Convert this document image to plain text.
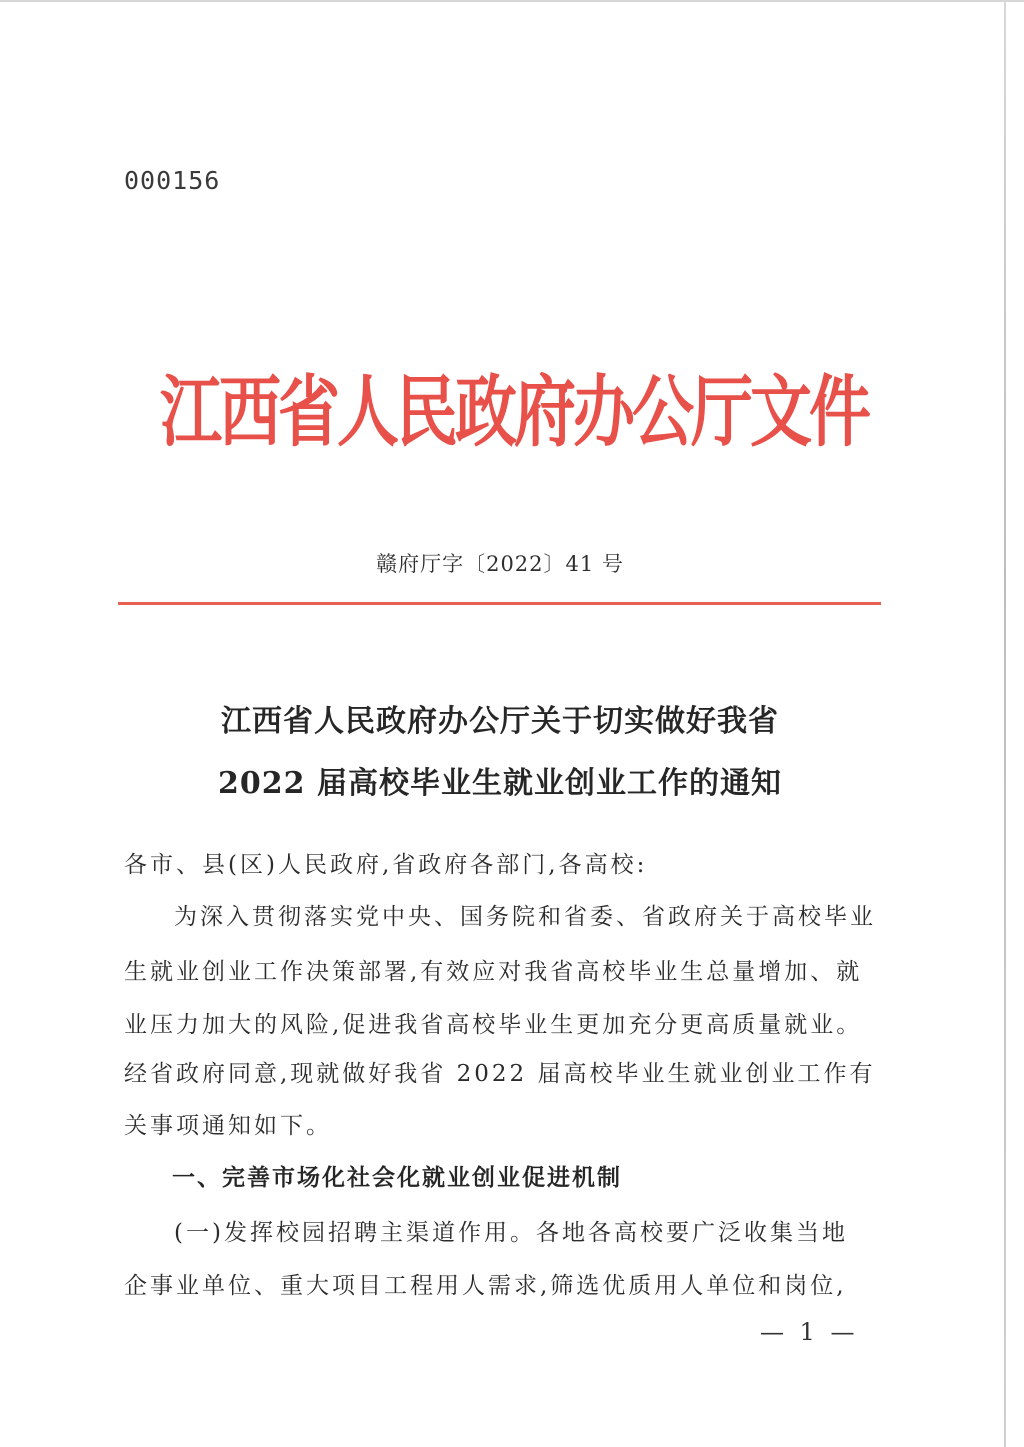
000156
江西省人民政府办公厅文件
赣府厅字〔2022〕41 号
江西省人民政府办公厅关于切实做好我省
2022 届高校毕业生就业创业工作的通知
各市、县(区)人民政府,省政府各部门,各高校:
为深入贯彻落实党中央、国务院和省委、省政府关于高校毕业
生就业创业工作决策部署,有效应对我省高校毕业生总量增加、就
业压力加大的风险,促进我省高校毕业生更加充分更高质量就业。
经省政府同意,现就做好我省 2022 届高校毕业生就业创业工作有
关事项通知如下。
一、完善市场化社会化就业创业促进机制
(一)发挥校园招聘主渠道作用。各地各高校要广泛收集当地
企事业单位、重大项目工程用人需求,筛选优质用人单位和岗位,
— 1 —
